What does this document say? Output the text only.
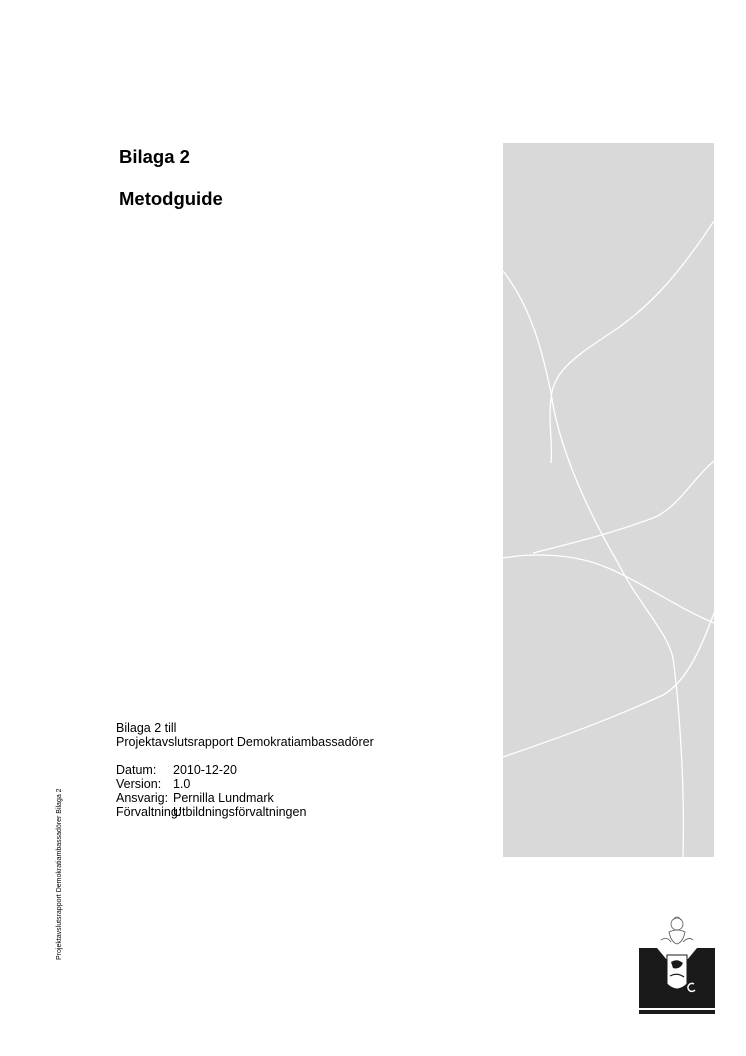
Bilaga 2
Metodguide
Bilaga 2 till
Projektavslutsrapport Demokratiambassadörer
Datum:	2010-12-20
Version: 1.0
Ansvarig: Pernilla Lundmark
Förvaltning:
Utbildningsförvaltningen
Projektavslutsrapport Demokratiambassadörer Bilaga 2
